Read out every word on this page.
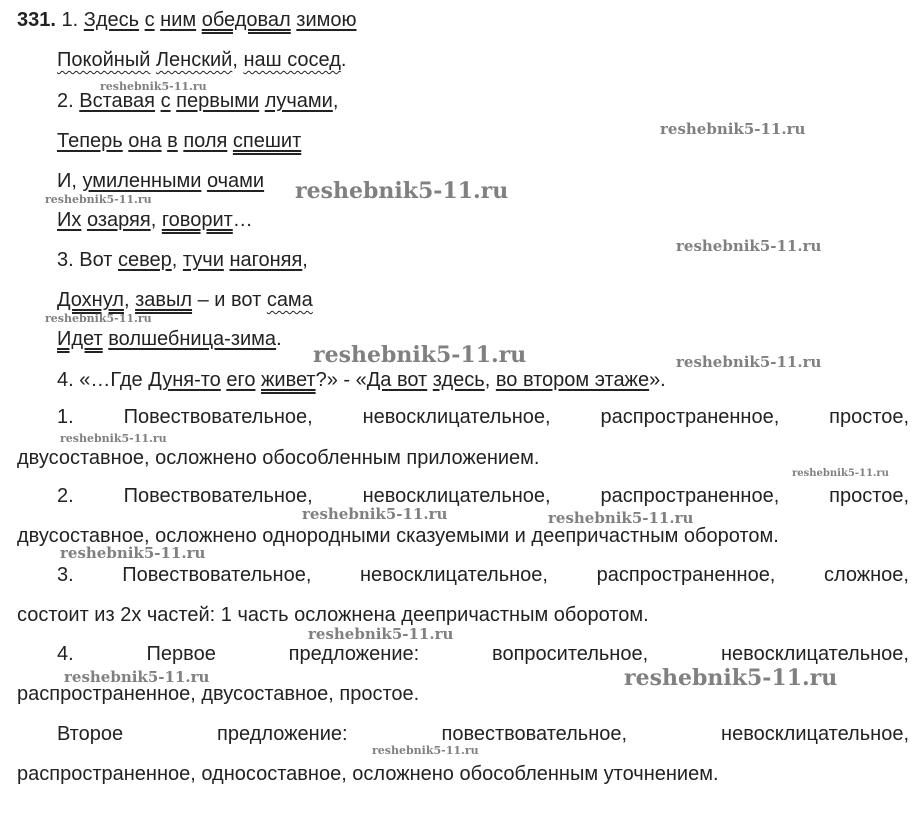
331. 1. Здесь с ним обедовал зимою
Покойный Ленский, наш сосед.
2. Вставая с первыми лучами,
Теперь она в поля спешит
И, умиленными очами
Их озаряя, говорит…
3. Вот север, тучи нагоняя,
Дохнул, завыл – и вот сама
Идет волшебница-зима.
4. «…Где Дуня-то его живет?» - «Да вот здесь, во втором этаже».
1. Повествовательное, невосклицательное, распространенное, простое,
двусоставное, осложнено обособленным приложением.
2. Повествовательное, невосклицательное, распространенное, простое,
двусоставное, осложнено однородными сказуемыми и деепричастным оборотом.
3. Повествовательное, невосклицательное, распространенное, сложное,
состоит из 2х частей: 1 часть осложнена деепричастным оборотом.
4. Первое предложение: вопросительное, невосклицательное,
распространенное, двусоставное, простое.
Второе предложение: повествовательное, невосклицательное,
распространенное, односоставное, осложнено обособленным уточнением.
reshebnik5-11.ru
reshebnik5-11.ru
reshebnik5-11.ru
reshebnik5-11.ru
reshebnik5-11.ru
reshebnik5-11.ru
reshebnik5-11.ru	reshebnik5-11.ru
reshebnik5-11.ru
reshebnik5-11.ru
reshebnik5-11.ru	reshebnik5-11.ru
reshebnik5-11.ru
reshebnik5-11.ru
reshebnik5-11.ru	reshebnik5-11.ru
reshebnik5-11.ru
